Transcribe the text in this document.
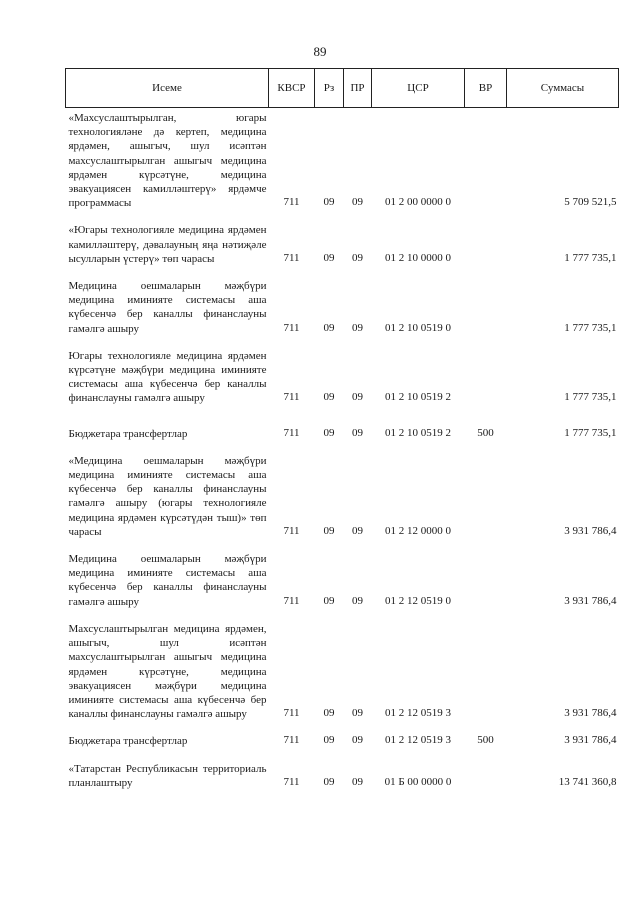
89
Исеме	КВСР	Рз	ПР	ЦСР	ВР	Суммасы
«Махсуслаштырылган, югары технологияләне дә кертеп, медицина ярдәмен, ашыгыч, шул исәптән махсуслаштырылган ашыгыч медицина ярдәмен күрсәтүне, медицина эвакуациясен камилләштерү» ярдәмче программасы	711	09	09	01 2 00 0000 0		5 709 521,5
«Югары технологияле медицина ярдәмен камилләштерү, дәвалауның яңа нәтиҗәле ысулларын үстерү» төп чарасы	711	09	09	01 2 10 0000 0		1 777 735,1
Медицина оешмаларын мәҗбүри медицина иминияте системасы аша күбесенчә бер каналлы финанслауны гамәлгә ашыру	711	09	09	01 2 10 0519 0		1 777 735,1
Югары технологияле медицина ярдәмен күрсәтүне мәҗбүри медицина иминияте системасы аша күбесенчә бер каналлы финанслауны гамәлгә ашыру	711	09	09	01 2 10 0519 2		1 777 735,1
Бюджетара трансфертлар	711	09	09	01 2 10 0519 2	500	1 777 735,1
«Медицина оешмаларын мәҗбүри медицина иминияте системасы аша күбесенчә бер каналлы финанслауны гамәлгә ашыру (югары технологияле медицина ярдәмен күрсәтүдән тыш)» төп чарасы	711	09	09	01 2 12 0000 0		3 931 786,4
Медицина оешмаларын мәҗбүри медицина иминияте системасы аша күбесенчә бер каналлы финанслауны гамәлгә ашыру	711	09	09	01 2 12 0519 0		3 931 786,4
Махсуслаштырылган медицина ярдәмен, ашыгыч, шул исәптән махсуслаштырылган ашыгыч медицина ярдәмен күрсәтүне, медицина эвакуациясен мәҗбүри медицина иминияте системасы аша күбесенчә бер каналлы финанслауны гамәлгә ашыру	711	09	09	01 2 12 0519 3		3 931 786,4
Бюджетара трансфертлар	711	09	09	01 2 12 0519 3	500	3 931 786,4
«Татарстан Республикасын территориаль планлаштыру	711	09	09	01 Б 00 0000 0		13 741 360,8
